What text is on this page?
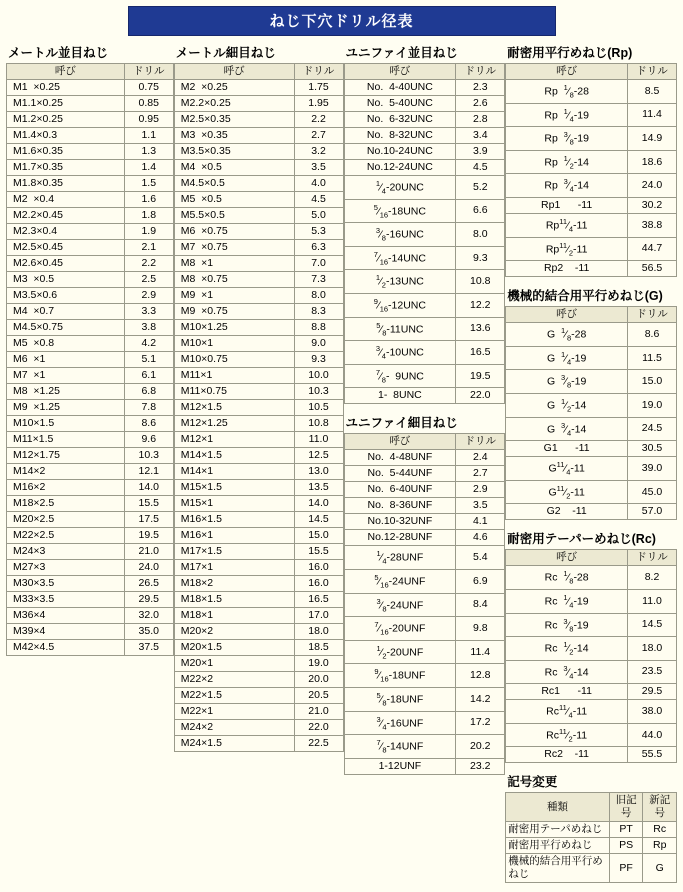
ねじ下穴ドリル径表
メートル並目ねじ
呼び	ドリル
M1  ×0.25	0.75
M1.1×0.25	0.85
M1.2×0.25	0.95
M1.4×0.3	1.1
M1.6×0.35	1.3
M1.7×0.35	1.4
M1.8×0.35	1.5
M2  ×0.4	1.6
M2.2×0.45	1.8
M2.3×0.4	1.9
M2.5×0.45	2.1
M2.6×0.45	2.2
M3  ×0.5	2.5
M3.5×0.6	2.9
M4  ×0.7	3.3
M4.5×0.75	3.8
M5  ×0.8	4.2
M6  ×1	5.1
M7  ×1	6.1
M8  ×1.25	6.8
M9  ×1.25	7.8
M10×1.5	8.6
M11×1.5	9.6
M12×1.75	10.3
M14×2	12.1
M16×2	14.0
M18×2.5	15.5
M20×2.5	17.5
M22×2.5	19.5
M24×3	21.0
M27×3	24.0
M30×3.5	26.5
M33×3.5	29.5
M36×4	32.0
M39×4	35.0
M42×4.5	37.5
メートル細目ねじ
呼び	ドリル
M2  ×0.25	1.75
M2.2×0.25	1.95
M2.5×0.35	2.2
M3  ×0.35	2.7
M3.5×0.35	3.2
M4  ×0.5	3.5
M4.5×0.5	4.0
M5  ×0.5	4.5
M5.5×0.5	5.0
M6  ×0.75	5.3
M7  ×0.75	6.3
M8  ×1	7.0
M8  ×0.75	7.3
M9  ×1	8.0
M9  ×0.75	8.3
M10×1.25	8.8
M10×1	9.0
M10×0.75	9.3
M11×1	10.0
M11×0.75	10.3
M12×1.5	10.5
M12×1.25	10.8
M12×1	11.0
M14×1.5	12.5
M14×1	13.0
M15×1.5	13.5
M15×1	14.0
M16×1.5	14.5
M16×1	15.0
M17×1.5	15.5
M17×1	16.0
M18×2	16.0
M18×1.5	16.5
M18×1	17.0
M20×2	18.0
M20×1.5	18.5
M20×1	19.0
M22×2	20.0
M22×1.5	20.5
M22×1	21.0
M24×2	22.0
M24×1.5	22.5
ユニファイ並目ねじ
呼び	ドリル
No.  4-40UNC	2.3
No.  5-40UNC	2.6
No.  6-32UNC	2.8
No.  8-32UNC	3.4
No.10-24UNC	3.9
No.12-24UNC	4.5
$^1⁄_4-20UNC$	5.2
$^5⁄_{16}-18UNC$	6.6
$^3⁄_8-16UNC$	8.0
$^7⁄_{16}-14UNC$	9.3
$^1⁄_2-13UNC$	10.8
$^9⁄_{16}-12UNC$	12.2
$^5⁄_8-11UNC$	13.6
$^3⁄_4-10UNC$	16.5
$^7⁄_8-$  9UNC	19.5
1-  8UNC	22.0
ユニファイ細目ねじ
呼び	ドリル
No.  4-48UNF	2.4
No.  5-44UNF	2.7
No.  6-40UNF	2.9
No.  8-36UNF	3.5
No.10-32UNF	4.1
No.12-28UNF	4.6
$^1⁄_4-28UNF$	5.4
$^5⁄_{16}-24UNF$	6.9
$^3⁄_8-24UNF$	8.4
$^7⁄_{16}-20UNF$	9.8
$^1⁄_2-20UNF$	11.4
$^9⁄_{16}-18UNF$	12.8
$^5⁄_8-18UNF$	14.2
$^3⁄_4-16UNF$	17.2
$^7⁄_8-14UNF$	20.2
1-12UNF	23.2
耐密用平行めねじ(Rp)
呼び	ドリル
Rp  $^1⁄_8-28$	8.5
Rp  $^1⁄_4-19$	11.4
Rp  $^3⁄_8-19$	14.9
Rp  $^1⁄_2-14$	18.6
Rp  $^3⁄_4-14$	24.0
Rp1      -11	30.2
$Rp^{11}⁄_4-11$	38.8
$Rp^{11}⁄_2-11$	44.7
Rp2    -11	56.5
機械的結合用平行めねじ(G)
呼び	ドリル
G  $^1⁄_8-28$	8.6
G  $^1⁄_4-19$	11.5
G  $^3⁄_8-19$	15.0
G  $^1⁄_2-14$	19.0
G  $^3⁄_4-14$	24.5
G1      -11	30.5
$G^{11}⁄_4-11$	39.0
$G^{11}⁄_2-11$	45.0
G2    -11	57.0
耐密用テーパーめねじ(Rc)
呼び	ドリル
Rc  $^1⁄_8-28$	8.2
Rc  $^1⁄_4-19$	11.0
Rc  $^3⁄_8-19$	14.5
Rc  $^1⁄_2-14$	18.0
Rc  $^3⁄_4-14$	23.5
Rc1      -11	29.5
$Rc^{11}⁄_4-11$	38.0
$Rc^{11}⁄_2-11$	44.0
Rc2    -11	55.5
記号変更
種類	旧記号	新記号
耐密用テーパめねじ	PT	Rc
耐密用平行めねじ	PS	Rp
機械的結合用平行めねじ	PF	G
